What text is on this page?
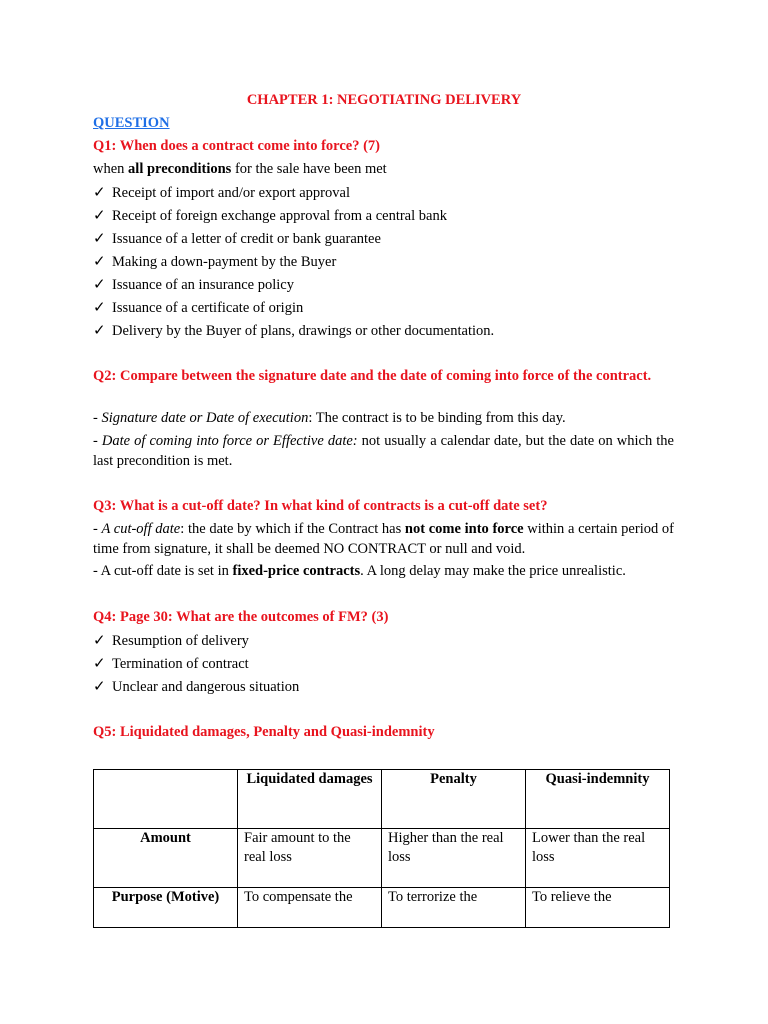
CHAPTER 1: NEGOTIATING DELIVERY
QUESTION
Q1: When does a contract come into force? (7)
when all preconditions for the sale have been met
✓ Receipt of import and/or export approval
✓ Receipt of foreign exchange approval from a central bank
✓ Issuance of a letter of credit or bank guarantee
✓ Making a down-payment by the Buyer
✓ Issuance of an insurance policy
✓ Issuance of a certificate of origin
✓ Delivery by the Buyer of plans, drawings or other documentation.
Q2: Compare between the signature date and the date of coming into force of the contract.
- Signature date or Date of execution: The contract is to be binding from this day.
- Date of coming into force or Effective date: not usually a calendar date, but the date on which the last precondition is met.
Q3: What is a cut-off date? In what kind of contracts is a cut-off date set?
- A cut-off date: the date by which if the Contract has not come into force within a certain period of time from signature, it shall be deemed NO CONTRACT or null and void.
- A cut-off date is set in fixed-price contracts. A long delay may make the price unrealistic.
Q4: Page 30: What are the outcomes of FM? (3)
✓ Resumption of delivery
✓ Termination of contract
✓ Unclear and dangerous situation
Q5: Liquidated damages, Penalty and Quasi-indemnity
	Liquidated damages	Penalty	Quasi-indemnity
Amount	Fair amount to the real loss	Higher than the real loss	Lower than the real loss
Purpose (Motive)	To compensate the	To terrorize the	To relieve the
